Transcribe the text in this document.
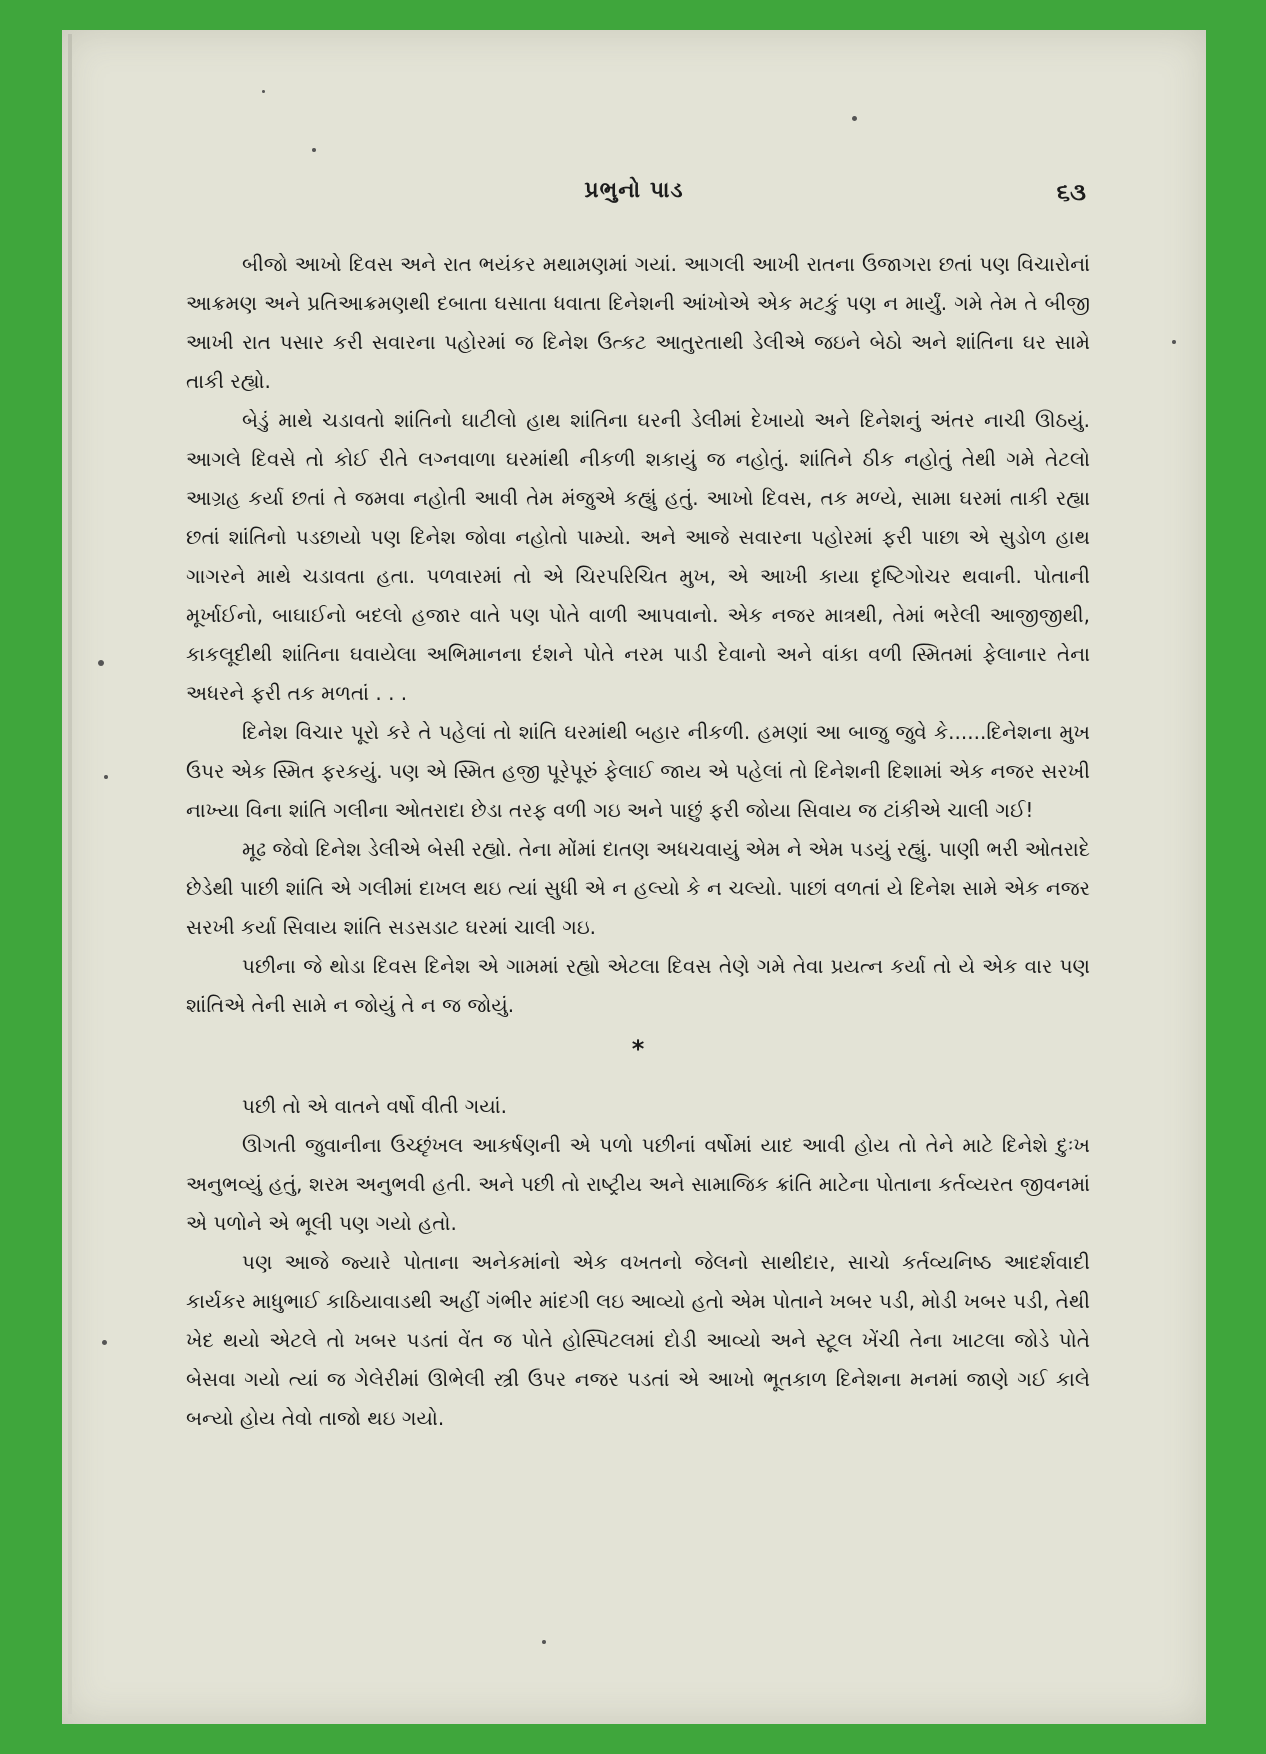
પ્રભુનો પાડ	૬૩

બીજો આખો દિવસ અને રાત ભયંકર મથામણમાં ગયાં. આગલી આખી રાતના ઉજાગરા છતાં પણ વિચારોનાં આક્રમણ અને પ્રતિઆક્રમણથી દબાતા ઘસાતા ધવાતા દિનેશની આંખોએ એક મટકું પણ ન માર્યું. ગમે તેમ તે બીજી આખી રાત પસાર કરી સવારના પહોરમાં જ દિનેશ ઉત્કટ આતુરતાથી ડેલીએ જઇને બેઠો અને શાંતિના ઘર સામે તાકી રહ્યો.

બેડું માથે ચડાવતો શાંતિનો ઘાટીલો હાથ શાંતિના ઘરની ડેલીમાં દેખાયો અને દિનેશનું અંતર નાચી ઊઠયું. આગલે દિવસે તો કોઈ રીતે લગ્નવાળા ઘરમાંથી નીકળી શકાયું જ નહોતું. શાંતિને ઠીક નહોતું તેથી ગમે તેટલો આગ્રહ કર્યા છતાં તે જમવા નહોતી આવી તેમ મંજુએ કહ્યું હતું. આખો દિવસ, તક મળ્યે, સામા ઘરમાં તાકી રહ્યા છતાં શાંતિનો પડછાયો પણ દિનેશ જોવા નહોતો પામ્યો. અને આજે સવારના પહોરમાં ફરી પાછા એ સુડોળ હાથ ગાગરને માથે ચડાવતા હતા. પળવારમાં તો એ ચિરપરિચિત મુખ, એ આખી કાયા દૃષ્ટિગોચર થવાની. પોતાની મૂર્ખાઈનો, બાઘાઈનો બદલો હજાર વાતે પણ પોતે વાળી આપવાનો. એક નજર માત્રથી, તેમાં ભરેલી આજીજીથી, કાકલૂદીથી શાંતિના ઘવાયેલા અભિમાનના દંશને પોતે નરમ પાડી દેવાનો અને વાંકા વળી સ્મિતમાં ફેલાનાર તેના અધરને ફરી તક મળતાં . . .

દિનેશ વિચાર પૂરો કરે તે પહેલાં તો શાંતિ ઘરમાંથી બહાર નીકળી. હમણાં આ બાજુ જુવે કે......દિનેશના મુખ ઉપર એક સ્મિત ફરકયું. પણ એ સ્મિત હજી પૂરેપૂરું ફેલાઈ જાય એ પહેલાં તો દિનેશની દિશામાં એક નજર સરખી નાખ્યા વિના શાંતિ ગલીના ઓતરાદા છેડા તરફ વળી ગઇ અને પાછું ફરી જોયા સિવાય જ ટાંકીએ ચાલી ગઈ!

મૂઢ જેવો દિનેશ ડેલીએ બેસી રહ્યો. તેના મોંમાં દાતણ અધચવાયું એમ ને એમ પડયું રહ્યું. પાણી ભરી ઓતરાદે છેડેથી પાછી શાંતિ એ ગલીમાં દાખલ થઇ ત્યાં સુધી એ ન હલ્યો કે ન ચલ્યો. પાછાં વળતાં યે દિનેશ સામે એક નજર સરખી કર્યા સિવાય શાંતિ સડસડાટ ઘરમાં ચાલી ગઇ.

પછીના જે થોડા દિવસ દિનેશ એ ગામમાં રહ્યો એટલા દિવસ તેણે ગમે તેવા પ્રયત્ન કર્યા તો યે એક વાર પણ શાંતિએ તેની સામે ન જોયું તે ન જ જોયું.

*

પછી તો એ વાતને વર્ષો વીતી ગયાં.

ઊગતી જુવાનીના ઉચ્છૃંખલ આકર્ષણની એ પળો પછીનાં વર્ષોમાં યાદ આવી હોય તો તેને માટે દિનેશે દુઃખ અનુભવ્યું હતું, શરમ અનુભવી હતી. અને પછી તો રાષ્ટ્રીય અને સામાજિક ક્રાંતિ માટેના પોતાના કર્તવ્યરત જીવનમાં એ પળોને એ ભૂલી પણ ગયો હતો.

પણ આજે જ્યારે પોતાના અનેકમાંનો એક વખતનો જેલનો સાથીદાર, સાચો કર્તવ્યનિષ્ઠ આદર્શવાદી કાર્યકર માધુભાઈ કાઠિયાવાડથી અહીં ગંભીર માંદગી લઇ આવ્યો હતો એમ પોતાને ખબર પડી, મોડી ખબર પડી, તેથી ખેદ થયો એટલે તો ખબર પડતાં વેંત જ પોતે હોસ્પિટલમાં દોડી આવ્યો અને સ્ટૂલ ખેંચી તેના ખાટલા જોડે પોતે બેસવા ગયો ત્યાં જ ગેલેરીમાં ઊભેલી સ્ત્રી ઉપર નજર પડતાં એ આખો ભૂતકાળ દિનેશના મનમાં જાણે ગઈ કાલે બન્યો હોય તેવો તાજો થઇ ગયો.
